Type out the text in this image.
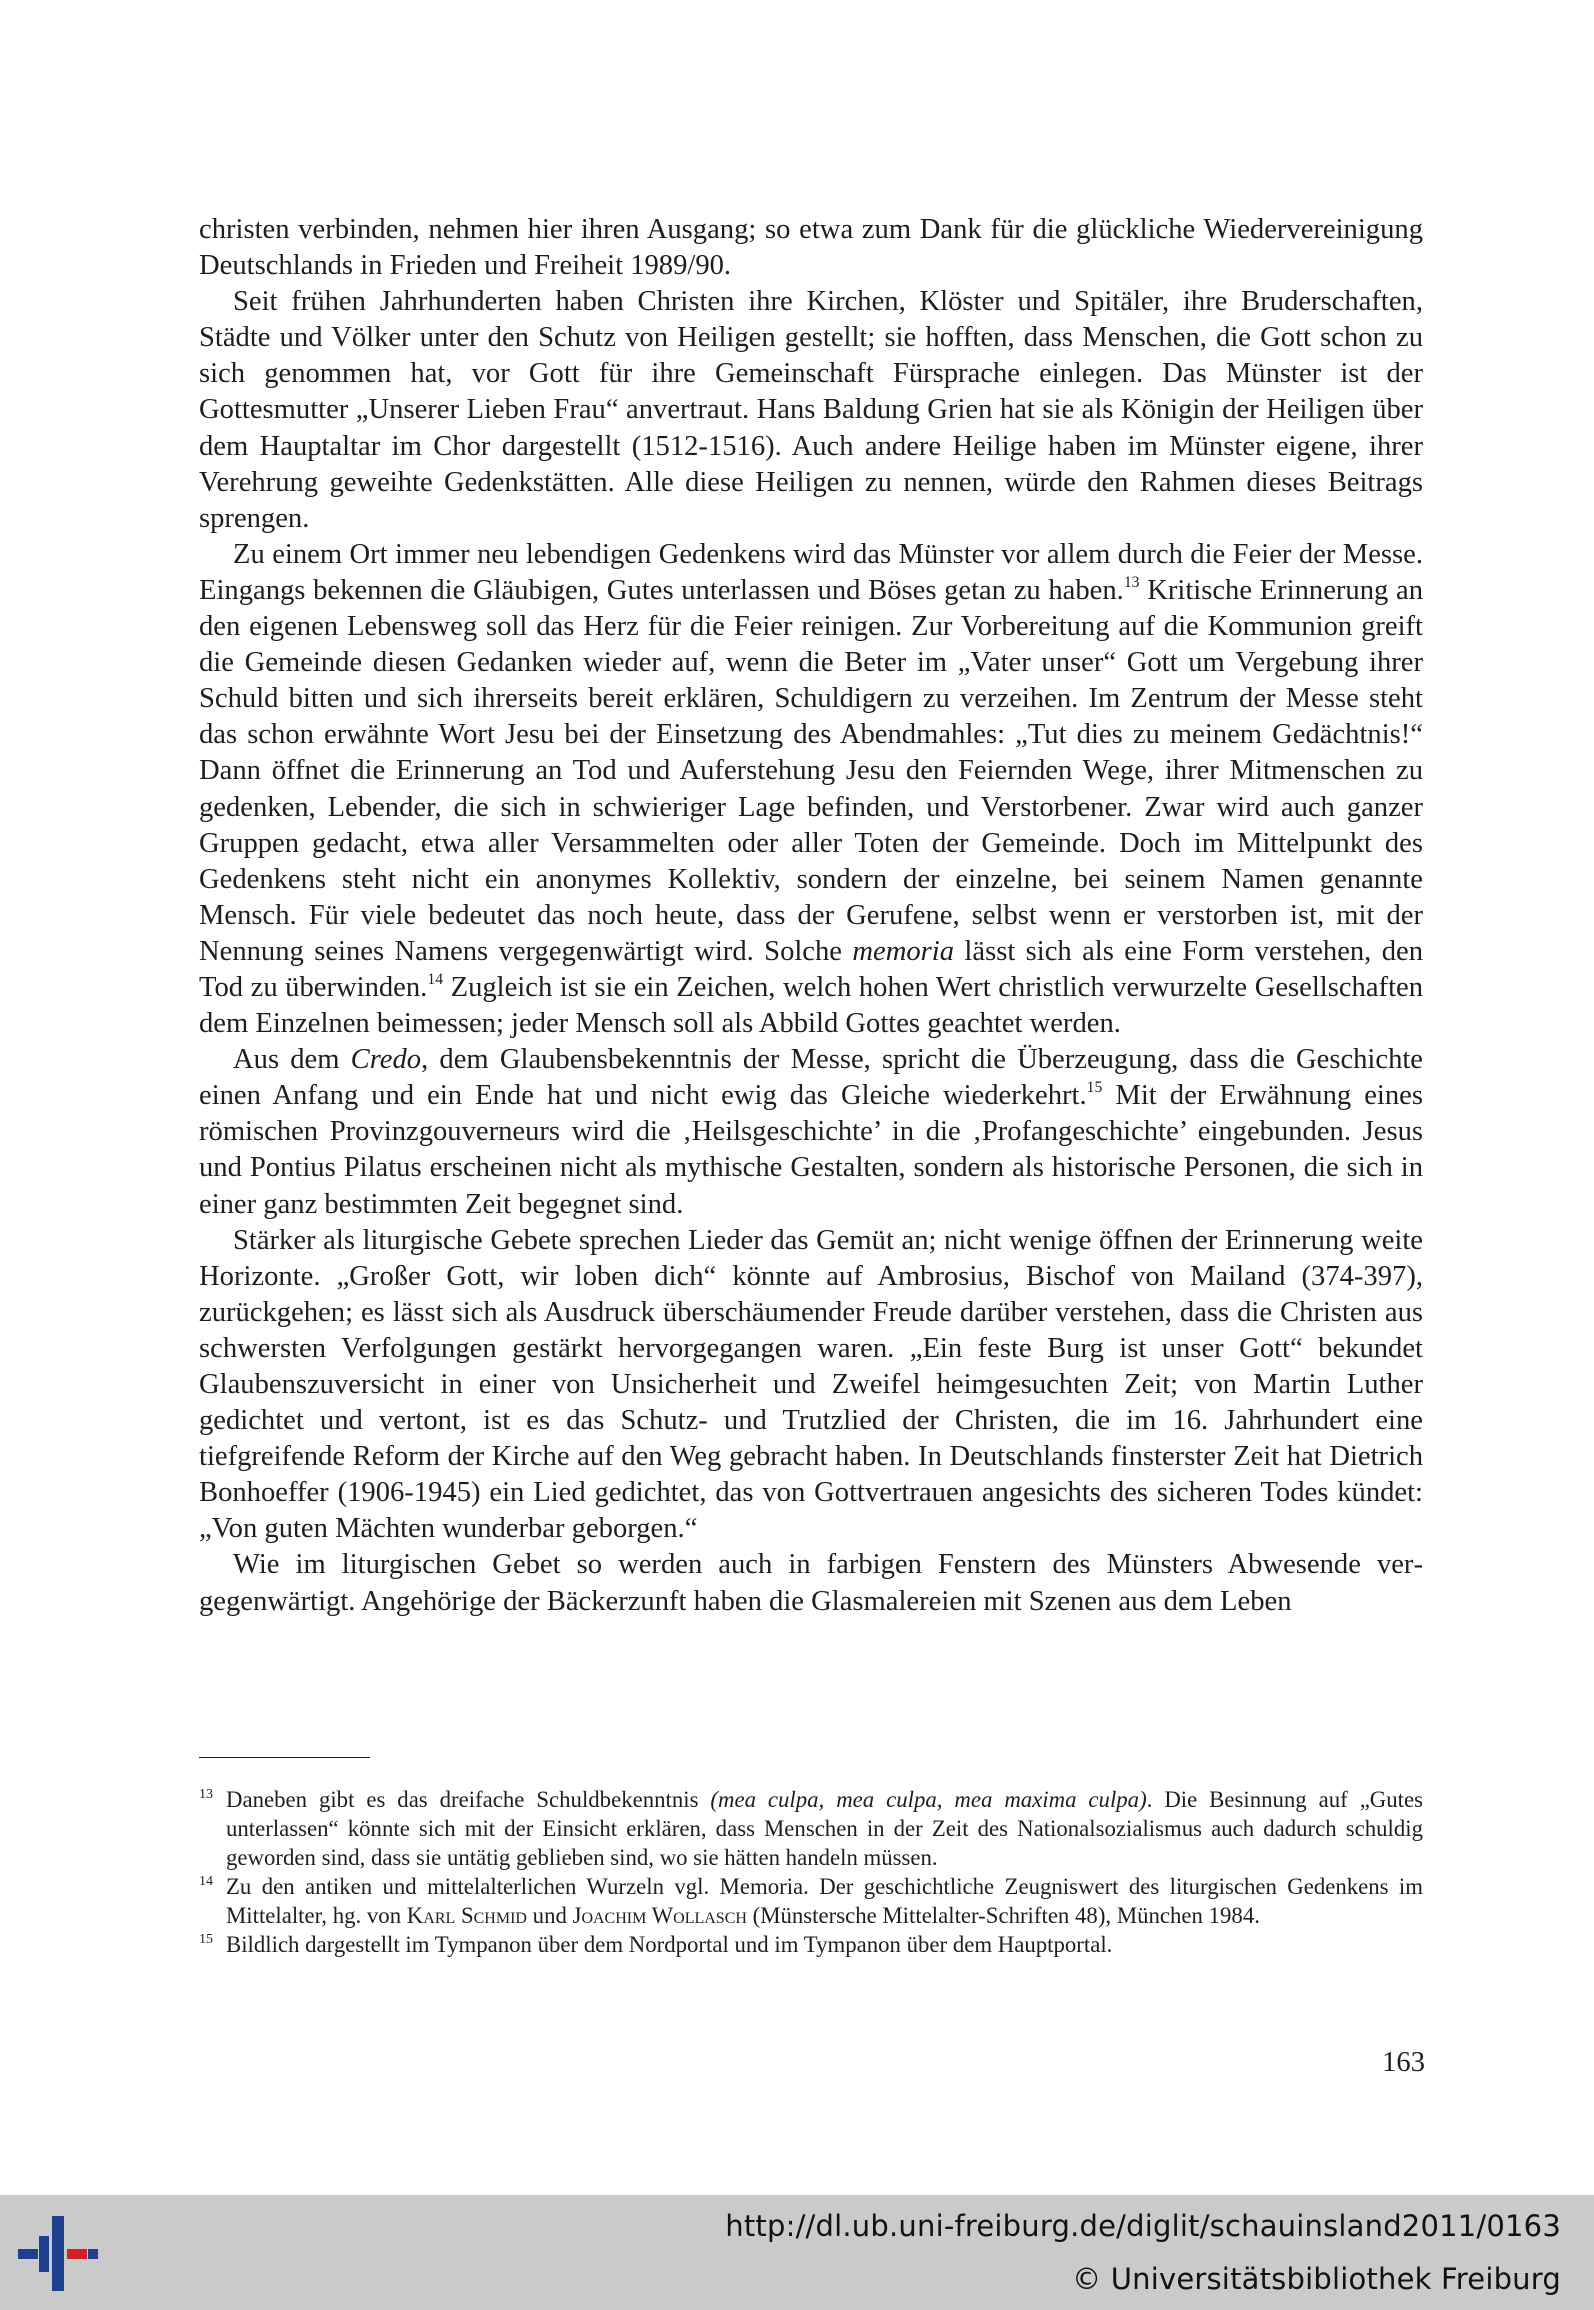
christen verbinden, nehmen hier ihren Ausgang; so etwa zum Dank für die glückliche Wiedervereinigung Deutschlands in Frieden und Freiheit 1989/90.

Seit frühen Jahrhunderten haben Christen ihre Kirchen, Klöster und Spitäler, ihre Bruderschaften, Städte und Völker unter den Schutz von Heiligen gestellt; sie hofften, dass Menschen, die Gott schon zu sich genommen hat, vor Gott für ihre Gemeinschaft Fürsprache einlegen. Das Münster ist der Gottesmutter „Unserer Lieben Frau“ anvertraut. Hans Baldung Grien hat sie als Königin der Heiligen über dem Hauptaltar im Chor dargestellt (1512-1516). Auch andere Heilige haben im Münster eigene, ihrer Verehrung geweihte Gedenkstätten. Alle diese Heiligen zu nennen, würde den Rahmen dieses Beitrags sprengen.

Zu einem Ort immer neu lebendigen Gedenkens wird das Münster vor allem durch die Feier der Messe. Eingangs bekennen die Gläubigen, Gutes unterlassen und Böses getan zu haben.$^{13}$ Kritische Erinnerung an den eigenen Lebensweg soll das Herz für die Feier reinigen. Zur Vorbereitung auf die Kommunion greift die Gemeinde diesen Gedanken wieder auf, wenn die Beter im „Vater unser“ Gott um Vergebung ihrer Schuld bitten und sich ihrerseits bereit erklären, Schuldigern zu verzeihen. Im Zentrum der Messe steht das schon erwähnte Wort Jesu bei der Einsetzung des Abendmahles: „Tut dies zu meinem Gedächtnis!“ Dann öffnet die Erinnerung an Tod und Auferstehung Jesu den Feiernden Wege, ihrer Mitmenschen zu gedenken, Lebender, die sich in schwieriger Lage befinden, und Verstorbener. Zwar wird auch ganzer Gruppen gedacht, etwa aller Versammelten oder aller Toten der Gemeinde. Doch im Mittelpunkt des Gedenkens steht nicht ein anonymes Kollektiv, sondern der einzelne, bei seinem Namen genannte Mensch. Für viele bedeutet das noch heute, dass der Gerufene, selbst wenn er verstorben ist, mit der Nennung seines Namens vergegenwärtigt wird. Solche memoria lässt sich als eine Form verstehen, den Tod zu überwinden.$^{14}$ Zugleich ist sie ein Zeichen, welch hohen Wert christlich verwurzelte Gesellschaften dem Einzelnen beimessen; jeder Mensch soll als Abbild Gottes geachtet werden.

Aus dem Credo, dem Glaubensbekenntnis der Messe, spricht die Überzeugung, dass die Geschichte einen Anfang und ein Ende hat und nicht ewig das Gleiche wiederkehrt.$^{15}$ Mit der Erwähnung eines römischen Provinzgouverneurs wird die ‚Heilsgeschichte’ in die ‚Profangeschichte’ eingebunden. Jesus und Pontius Pilatus erscheinen nicht als mythische Gestalten, sondern als historische Personen, die sich in einer ganz bestimmten Zeit begegnet sind.

Stärker als liturgische Gebete sprechen Lieder das Gemüt an; nicht wenige öffnen der Erinnerung weite Horizonte. „Großer Gott, wir loben dich“ könnte auf Ambrosius, Bischof von Mailand (374-397), zurückgehen; es lässt sich als Ausdruck überschäumender Freude darüber verstehen, dass die Christen aus schwersten Verfolgungen gestärkt hervorgegangen waren. „Ein feste Burg ist unser Gott“ bekundet Glaubenszuversicht in einer von Unsicherheit und Zweifel heimgesuchten Zeit; von Martin Luther gedichtet und vertont, ist es das Schutz- und Trutzlied der Christen, die im 16. Jahrhundert eine tiefgreifende Reform der Kirche auf den Weg gebracht haben. In Deutschlands finsterster Zeit hat Dietrich Bonhoeffer (1906-1945) ein Lied gedichtet, das von Gottvertrauen angesichts des sicheren Todes kündet: „Von guten Mächten wunderbar geborgen.“

Wie im liturgischen Gebet so werden auch in farbigen Fenstern des Münsters Abwesende vergegenwärtigt. Angehörige der Bäckerzunft haben die Glasmalereien mit Szenen aus dem Leben

13 Daneben gibt es das dreifache Schuldbekenntnis (mea culpa, mea culpa, mea maxima culpa). Die Besinnung auf „Gutes unterlassen“ könnte sich mit der Einsicht erklären, dass Menschen in der Zeit des Nationalsozialismus auch dadurch schuldig geworden sind, dass sie untätig geblieben sind, wo sie hätten handeln müssen.
14 Zu den antiken und mittelalterlichen Wurzeln vgl. Memoria. Der geschichtliche Zeugniswert des liturgischen Gedenkens im Mittelalter, hg. von Karl Schmid und Joachim Wollasch (Münstersche Mittelalter-Schriften 48), München 1984.
15 Bildlich dargestellt im Tympanon über dem Nordportal und im Tympanon über dem Hauptportal.
163
http://dl.ub.uni-freiburg.de/diglit/schauinsland2011/0163
© Universitätsbibliothek Freiburg
